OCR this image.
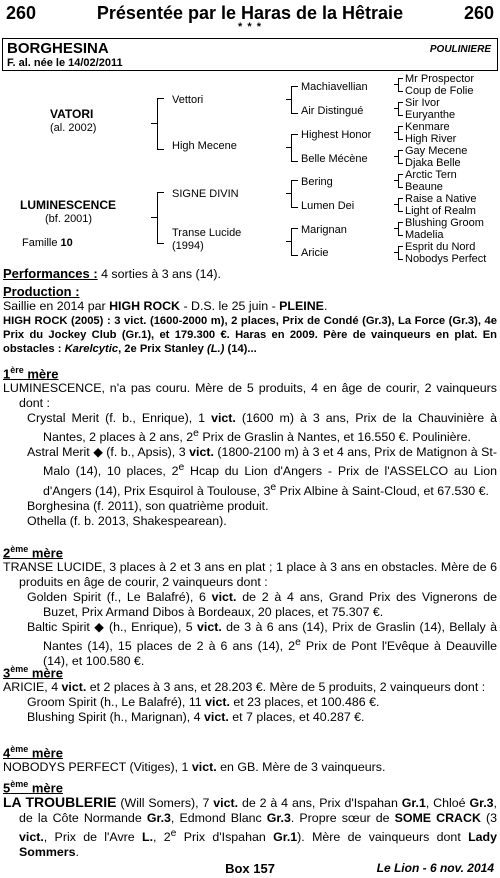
260	Présentée par le Haras de la Hêtraie	260
* * *
BORGHESINA	POULINIERE
F. al. née le 14/02/2011
VATORI
(al. 2002)
LUMINESCENCE
(bf. 2001)
Famille 10
Vettori
High Mecene
SIGNE DIVIN
Transe Lucide
(1994)
Machiavellian
Air Distingué
Highest Honor
Belle Mécène
Bering
Lumen Dei
Marignan
Aricie
Mr Prospector
Coup de Folie
Sir Ivor
Euryanthe
Kenmare
High River
Gay Mecene
Djaka Belle
Arctic Tern
Beaune
Raise a Native
Light of Realm
Blushing Groom
Madelia
Esprit du Nord
Nobodys Perfect

Performances : 4 sorties à 3 ans (14).

Production :

Saillie en 2014 par HIGH ROCK - D.S. le 25 juin - PLEINE.

HIGH ROCK (2005) : 3 vict. (1600-2000 m), 2 places, Prix de Condé (Gr.3), La Force (Gr.3), 4e Prix du Jockey Club (Gr.1), et 179.300 €. Haras en 2009. Père de vainqueurs en plat. En obstacles : Karelcytic, 2e Prix Stanley (L.) (14)...

1ère mère

LUMINESCENCE, n'a pas couru. Mère de 5 produits, 4 en âge de courir, 2 vainqueurs dont :

Crystal Merit (f. b., Enrique), 1 vict. (1600 m) à 3 ans, Prix de la Chauvinière à Nantes, 2 places à 2 ans, 2e Prix de Graslin à Nantes, et 16.550 €. Poulinière.

Astral Merit ◆ (f. b., Apsis), 3 vict. (1800-2100 m) à 3 et 4 ans, Prix de Matignon à St-Malo (14), 10 places, 2e Hcap du Lion d'Angers - Prix de l'ASSELCO au Lion d'Angers (14), Prix Esquirol à Toulouse, 3e Prix Albine à Saint-Cloud, et 67.530 €.

Borghesina (f. 2011), son quatrième produit.

Othella (f. b. 2013, Shakespearean).

2ème mère

TRANSE LUCIDE, 3 places à 2 et 3 ans en plat ; 1 place à 3 ans en obstacles. Mère de 6 produits en âge de courir, 2 vainqueurs dont :

Golden Spirit (f., Le Balafré), 6 vict. de 2 à 4 ans, Grand Prix des Vignerons de Buzet, Prix Armand Dibos à Bordeaux, 20 places, et 75.307 €.

Baltic Spirit ◆ (h., Enrique), 5 vict. de 3 à 6 ans (14), Prix de Graslin (14), Bellaly à Nantes (14), 15 places de 2 à 6 ans (14), 2e Prix de Pont l'Evêque à Deauville (14), et 100.580 €.

3ème mère

ARICIE, 4 vict. et 2 places à 3 ans, et 28.203 €. Mère de 5 produits, 2 vainqueurs dont :

Groom Spirit (h., Le Balafré), 11 vict. et 23 places, et 100.486 €.

Blushing Spirit (h., Marignan), 4 vict. et 7 places, et 40.287 €.

4ème mère

NOBODYS PERFECT (Vitiges), 1 vict. en GB. Mère de 3 vainqueurs.

5ème mère

LA TROUBLERIE (Will Somers), 7 vict. de 2 à 4 ans, Prix d'Ispahan Gr.1, Chloé Gr.3, de la Côte Normande Gr.3, Edmond Blanc Gr.3. Propre sœur de SOME CRACK (3 vict., Prix de l'Avre L., 2e Prix d'Ispahan Gr.1). Mère de vainqueurs dont Lady Sommers.

Box 157	Le Lion - 6 nov. 2014
